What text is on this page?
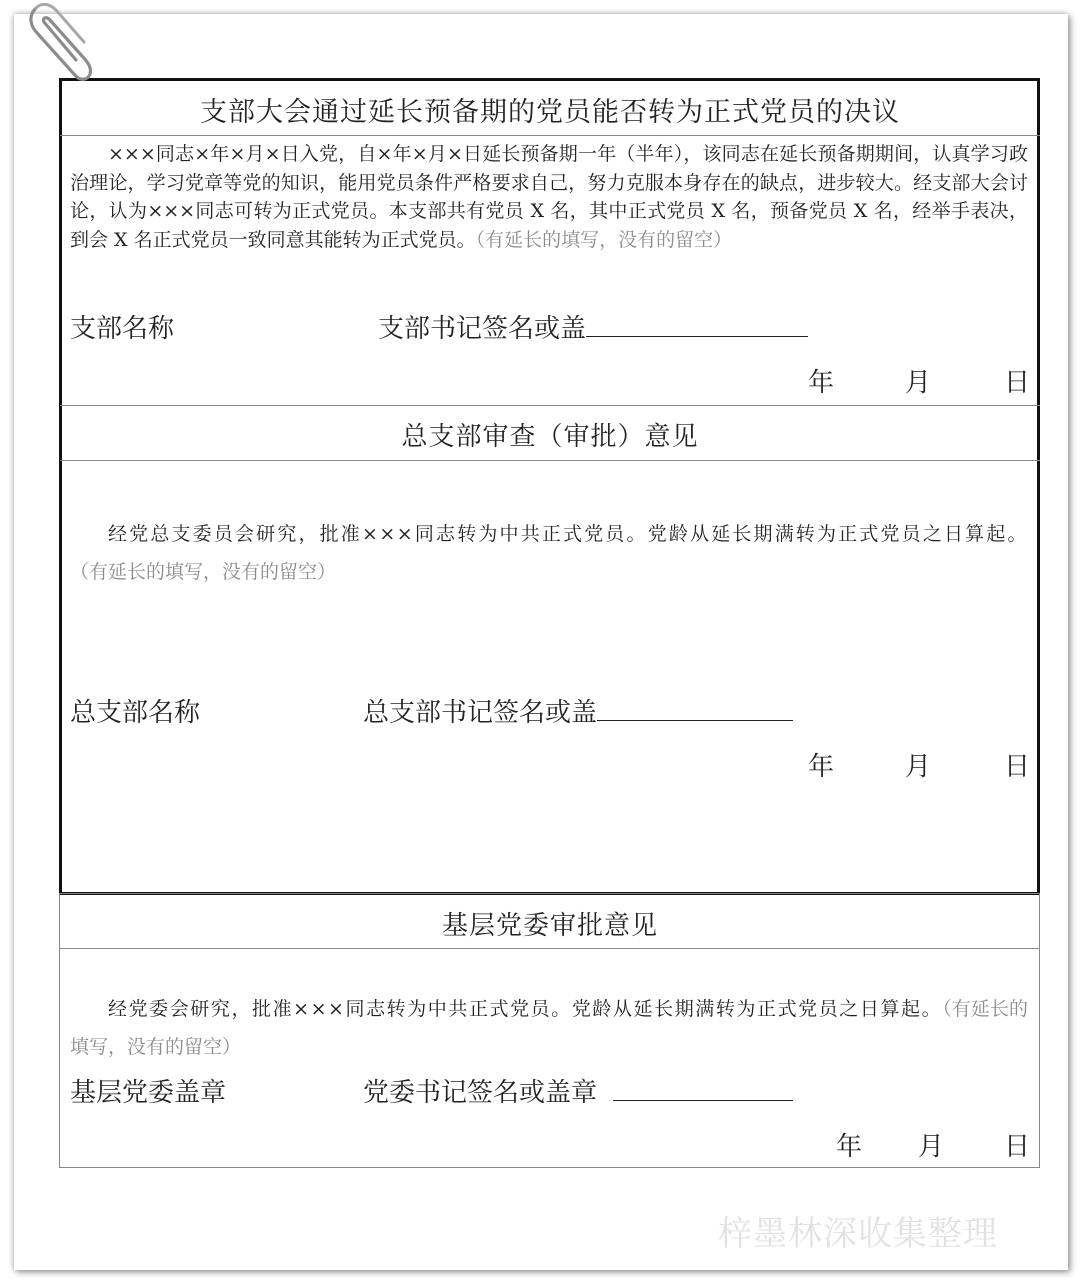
支部大会通过延长预备期的党员能否转为正式党员的决议
×××同志×年×月×日入党，自×年×月×日延长预备期一年（半年），该同志在延长预备期期间，认真学习政治理论，学习党章等党的知识，能用党员条件严格要求自己，努力克服本身存在的缺点，进步较大。经支部大会讨论，认为×××同志可转为正式党员。本支部共有党员 X 名，其中正式党员 X 名，预备党员 X 名，经举手表决，到会 X 名正式党员一致同意其能转为正式党员。（有延长的填写，没有的留空）
支部名称	支部书记签名或盖
年	月	日
总支部审查（审批）意见
经党总支委员会研究，批准×××同志转为中共正式党员。党龄从延长期满转为正式党员之日算起。（有延长的填写，没有的留空）
总支部名称	总支部书记签名或盖
年	月	日
基层党委审批意见
经党委会研究，批准×××同志转为中共正式党员。党龄从延长期满转为正式党员之日算起。（有延长的填写，没有的留空）
基层党委盖章	党委书记签名或盖章
年 月 日
梓墨林深收集整理
